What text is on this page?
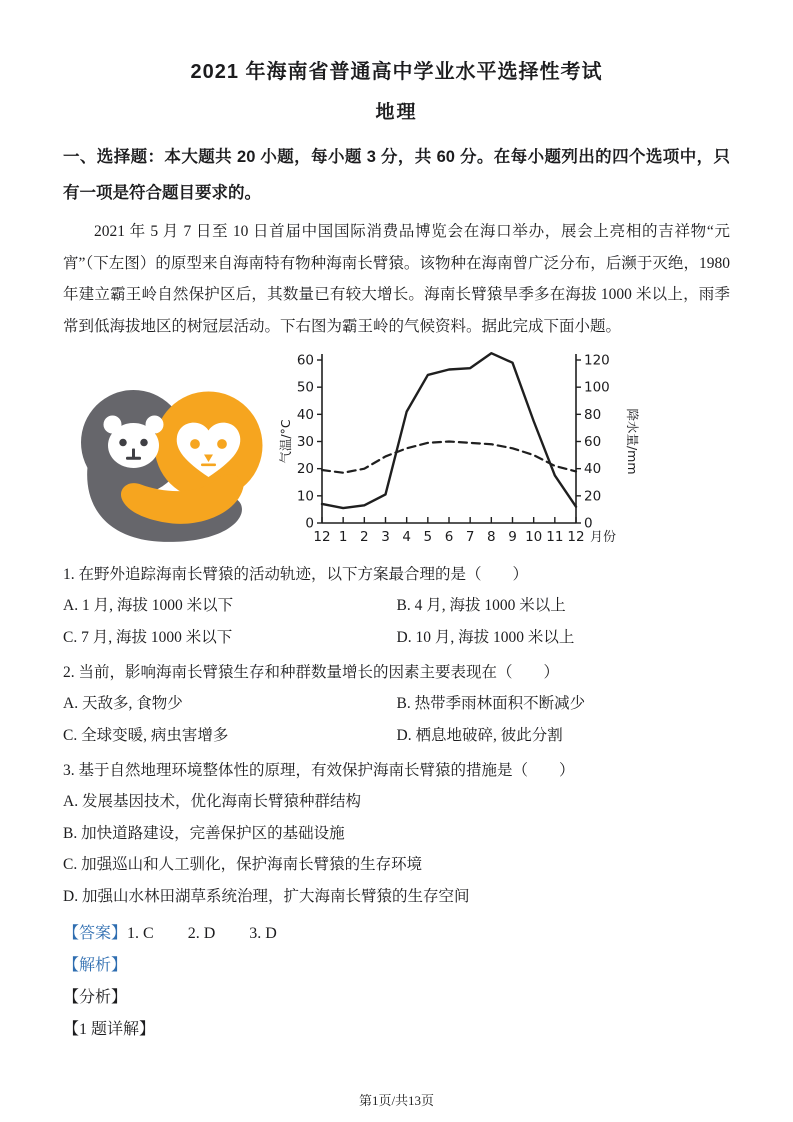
2021 年海南省普通高中学业水平选择性考试
地理

一、选择题：本大题共 20 小题，每小题 3 分，共 60 分。在每小题列出的四个选项中，只有一项是符合题目要求的。

2021 年 5 月 7 日至 10 日首届中国国际消费品博览会在海口举办，展会上亮相的吉祥物“元宵”（下左图）的原型来自海南特有物种海南长臂猿。该物种在海南曾广泛分布，后濒于灭绝，1980 年建立霸王岭自然保护区后，其数量已有较大增长。海南长臂猿旱季多在海拔 1000 米以上，雨季常到低海拔地区的树冠层活动。下右图为霸王岭的气候资料。据此完成下面小题。

0
10
20
30
40
50
60
0
20
40
60
80
100
120
12 1 2 3 4 5 6 7 8 9 10 11 12 月份
气温/°C	降水量/mm

1. 在野外追踪海南长臂猿的活动轨迹，以下方案最合理的是（　　）

A. 1 月, 海拔 1000 米以下	B. 4 月, 海拔 1000 米以上
C. 7 月, 海拔 1000 米以下	D. 10 月, 海拔 1000 米以上

2. 当前，影响海南长臂猿生存和种群数量增长的因素主要表现在（　　）

A. 天敌多, 食物少	B. 热带季雨林面积不断减少
C. 全球变暖, 病虫害增多	D. 栖息地破碎, 彼此分割

3. 基于自然地理环境整体性的原理，有效保护海南长臂猿的措施是（　　）

A. 发展基因技术，优化海南长臂猿种群结构
B. 加快道路建设，完善保护区的基础设施
C. 加强巡山和人工驯化，保护海南长臂猿的生存环境
D. 加强山水林田湖草系统治理，扩大海南长臂猿的生存空间

【答案】1. C 2. D 3. D

【解析】

【分析】

【1 题详解】

第1页/共13页
